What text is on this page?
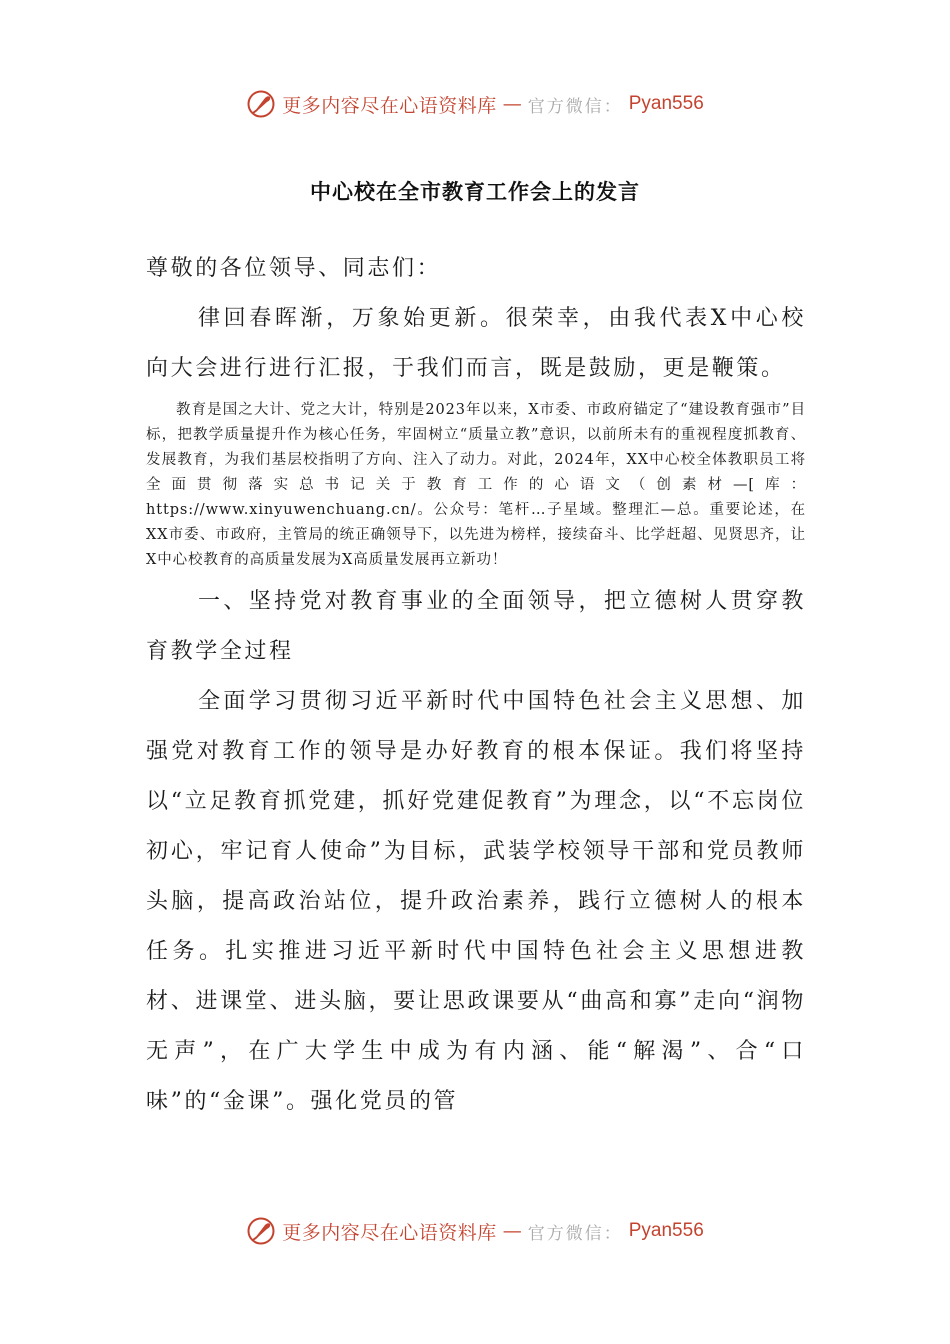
更多内容尽在心语资料库 — 官方微信： Pyan556
中心校在全市教育工作会上的发言

尊敬的各位领导、同志们：

律回春晖渐，万象始更新。很荣幸，由我代表X中心校向大会进行进行汇报，于我们而言，既是鼓励，更是鞭策。

教育是国之大计、党之大计，特别是2023年以来，X市委、市政府锚定了“建设教育强市”目标，把教学质量提升作为核心任务，牢固树立“质量立教”意识，以前所未有的重视程度抓教育、发展教育，为我们基层校指明了方向、注入了动力。对此，2024年，XX中心校全体教职员工将全面贯彻落实总书记关于教育工作的心语文（创素材—[库：https://www.xinyuwenchuang.cn/。公众号：笔杆…子星域。整理汇—总。重要论述，在XX市委、市政府，主管局的统正确领导下，以先进为榜样，接续奋斗、比学赶超、见贤思齐，让X中心校教育的高质量发展为X高质量发展再立新功！

一、坚持党对教育事业的全面领导，把立德树人贯穿教育教学全过程

全面学习贯彻习近平新时代中国特色社会主义思想、加强党对教育工作的领导是办好教育的根本保证。我们将坚持以“立足教育抓党建，抓好党建促教育”为理念，以“不忘岗位初心，牢记育人使命”为目标，武装学校领导干部和党员教师头脑，提高政治站位，提升政治素养，践行立德树人的根本任务。扎实推进习近平新时代中国特色社会主义思想进教材、进课堂、进头脑，要让思政课要从“曲高和寡”走向“润物无声”，在广大学生中成为有内涵、能“解渴”、合“口味”的“金课”。强化党员的管

更多内容尽在心语资料库 — 官方微信： Pyan556
